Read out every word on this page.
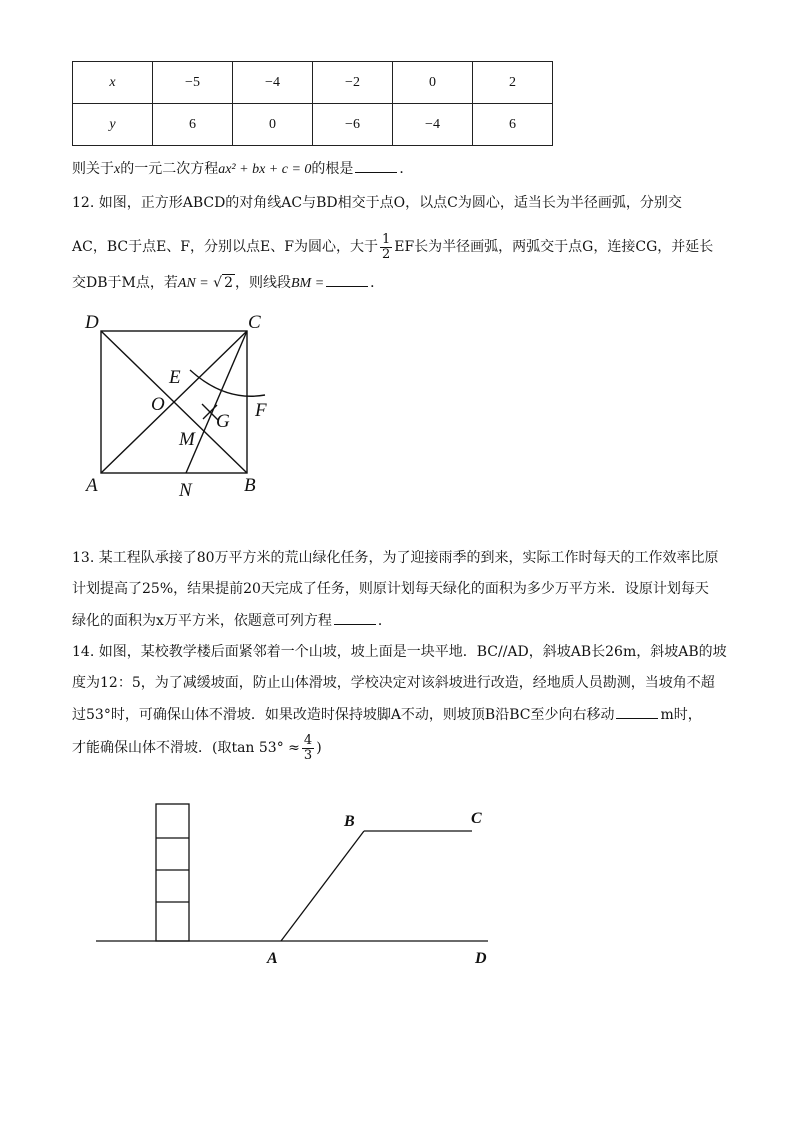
x	−5	−4	−2	0	2
y	6	0	−6	−4	6
则关于x的一元二次方程ax² + bx + c = 0的根是	．
12. 如图，正方形ABCD的对角线AC与BD相交于点O，以点C为圆心，适当长为半径画弧，分别交
AC，BC于点E、F，分别以点E、F为圆心，大于 $\frac{1}{2}$ EF长为半径画弧，两弧交于点G，连接CG，并延长
交DB于M点，若AN = √ 2 ，则线段BM =	．
D	C
E
O	F
G
M
A	N	B
B	C
A	D
13. 某工程队承接了80万平方米的荒山绿化任务，为了迎接雨季的到来，实际工作时每天的工作效率比原
计划提高了25%，结果提前20天完成了任务，则原计划每天绿化的面积为多少万平方米．设原计划每天
绿化的面积为x万平方米，依题意可列方程	．
14. 如图，某校教学楼后面紧邻着一个山坡，坡上面是一块平地．BC//AD，斜坡AB长26m，斜坡AB的坡
度为12：5，为了减缓坡面，防止山体滑坡，学校决定对该斜坡进行改造，经地质人员勘测，当坡角不超
过53°时，可确保山体不滑坡．如果改造时保持坡脚A不动，则坡顶B沿BC至少向右移动	m时，
才能确保山体不滑坡．(取$\tan 53^\circ \approx \frac{4}{3}$ )
